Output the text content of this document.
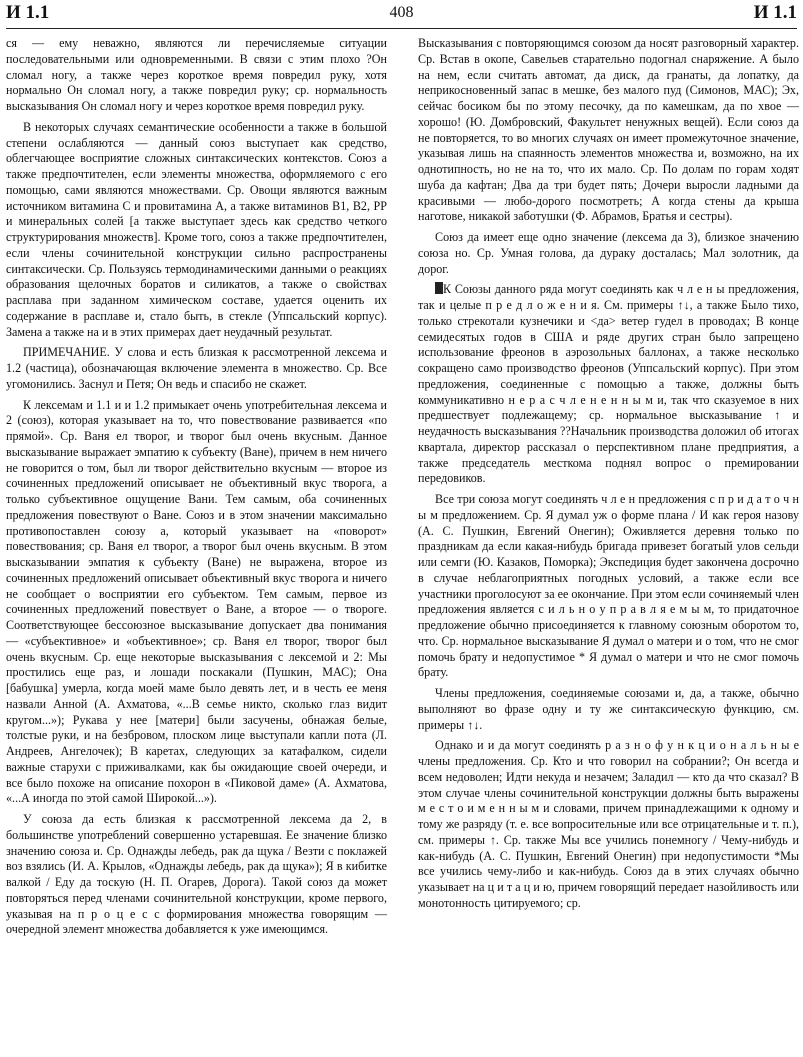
И 1.1	408	И 1.1

ся — ему неважно, являются ли перечисляемые ситуации последовательными или одновременными. В связи с этим плохо ?Он сломал ногу, а также через короткое время повредил руку, хотя нормально Он сломал ногу, а также повредил руку; ср. нормальность высказывания Он сломал ногу и через короткое время повредил руку.

В некоторых случаях семантические особенности а также в большой степени ослабляются — данный союз выступает как средство, облегчающее восприятие сложных синтаксических контекстов. Союз а также предпочтителен, если элементы множества, оформляемого с его помощью, сами являются множествами. Ср. Овощи являются важным источником витамина С и провитамина А, а также витаминов В1, В2, РР и минеральных солей [а также выступает здесь как средство четкого структурирования множеств]. Кроме того, союз а также предпочтителен, если члены сочинительной конструкции сильно распространены синтаксически. Ср. Пользуясь термодинамическими данными о реакциях образования щелочных боратов и силикатов, а также о свойствах расплава при заданном химическом составе, удается оценить их содержание в расплаве и, стало быть, в стекле (Уппсальский корпус). Замена а также на и в этих примерах дает неудачный результат.

ПРИМЕЧАНИЕ. У слова и есть близкая к рассмотренной лексема и 1.2 (частица), обозначающая включение элемента в множество. Ср. Все угомонились. Заснул и Петя; Он ведь и спасибо не скажет.

К лексемам и 1.1 и и 1.2 примыкает очень употребительная лексема и 2 (союз), которая указывает на то, что повествование развивается «по прямой». Ср. Ваня ел творог, и творог был очень вкусным. Данное высказывание выражает эмпатию к субъекту (Ване), причем в нем ничего не говорится о том, был ли творог действительно вкусным — второе из сочиненных предложений описывает не объективный вкус творога, а только субъективное ощущение Вани. Тем самым, оба сочиненных предложения повествуют о Ване. Союз и в этом значении максимально противопоставлен союзу а, который указывает на «поворот» повествования; ср. Ваня ел творог, а творог был очень вкусным. В этом высказывании эмпатия к субъекту (Ване) не выражена, второе из сочиненных предложений описывает объективный вкус творога и ничего не сообщает о восприятии его субъектом. Тем самым, первое из сочиненных предложений повествует о Ване, а второе — о твороге. Соответствующее бессоюзное высказывание допускает два понимания — «субъективное» и «объективное»; ср. Ваня ел творог, творог был очень вкусным. Ср. еще некоторые высказывания с лексемой и 2: Мы простились еще раз, и лошади поскакали (Пушкин, МАС); Она [бабушка] умерла, когда моей маме было девять лет, и в честь ее меня назвали Анной (А. Ахматова, «...В семье никто, сколько глаз видит кругом...»); Рукава у нее [матери] были засучены, обнажая белые, толстые руки, и на безбровом, плоском лице выступали капли пота (Л. Андреев, Ангелочек); В каретах, следующих за катафалком, сидели важные старухи с приживалками, как бы ожидающие своей очереди, и все было похоже на описание похорон в «Пиковой даме» (А. Ахматова, «...А иногда по этой самой Широкой...»).

У союза да есть близкая к рассмотренной лексема да 2, в большинстве употреблений совершенно устаревшая. Ее значение близко значению союза и. Ср. Однажды лебедь, рак да щука / Везти с поклажей воз взялись (И. А. Крылов, «Однажды лебедь, рак да щука»); Я в кибитке валкой / Еду да тоскую (Н. П. Огарев, Дорога). Такой союз да может повторяться перед членами сочинительной конструкции, кроме первого, указывая на п р о ц е с с формирования множества говорящим — очередной элемент множества добавляется к уже имеющимся.

Высказывания с повторяющимся союзом да носят разговорный характер. Ср. Встав в окопе, Савельев старательно подогнал снаряжение. А было на нем, если считать автомат, да диск, да гранаты, да лопатку, да неприкосновенный запас в мешке, без малого пуд (Симонов, МАС); Эх, сейчас босиком бы по этому песочку, да по камешкам, да по хвое — хорошо! (Ю. Домбровский, Факультет ненужных вещей). Если союз да не повторяется, то во многих случаях он имеет промежуточное значение, указывая лишь на спаянность элементов множества и, возможно, на их однотипность, но не на то, что их мало. Ср. По долам по горам ходят шуба да кафтан; Два да три будет пять; Дочери выросли ладными да красивыми — любо-дорого посмотреть; А когда стены да крыша наготове, никакой заботушки (Ф. Абрамов, Братья и сестры).

Союз да имеет еще одно значение (лексема да 3), близкое значению союза но. Ср. Умная голова, да дураку досталась; Мал золотник, да дорог.

К Союзы данного ряда могут соединять как ч л е н ы предложения, так и целые п р е д л о ж е н и я. См. примеры ↑↓, а также Было тихо, только стрекотали кузнечики и <да> ветер гудел в проводах; В конце семидесятых годов в США и ряде других стран было запрещено использование фреонов в аэрозольных баллонах, а также несколько сокращено само производство фреонов (Уппсальский корпус). При этом предложения, соединенные с помощью а также, должны быть коммуникативно н е р а с ч л е н е н н ы м и, так что сказуемое в них предшествует подлежащему; ср. нормальное высказывание ↑ и неудачность высказывания ??Начальник производства доложил об итогах квартала, директор рассказал о перспективном плане предприятия, а также председатель месткома поднял вопрос о премировании передовиков.

Все три союза могут соединять ч л е н предложения с п р и д а т о ч н ы м предложением. Ср. Я думал уж о форме плана / И как героя назову (А. С. Пушкин, Евгений Онегин); Оживляется деревня только по праздникам да если какая-нибудь бригада привезет богатый улов сельди или семги (Ю. Казаков, Поморка); Экспедиция будет закончена досрочно в случае неблагоприятных погодных условий, а также если все участники проголосуют за ее окончание. При этом если сочиняемый член предложения является с и л ь н о у п р а в л я е м ы м, то придаточное предложение обычно присоединяется к главному союзным оборотом то, что. Ср. нормальное высказывание Я думал о матери и о том, что не смог помочь брату и недопустимое * Я думал о матери и что не смог помочь брату.

Члены предложения, соединяемые союзами и, да, а также, обычно выполняют во фразе одну и ту же синтаксическую функцию, см. примеры ↑↓.

Однако и и да могут соединять р а з н о ф у н к ц и о н а л ь н ы е члены предложения. Ср. Кто и что говорил на собрании?; Он всегда и всем недоволен; Идти некуда и незачем; Заладил — кто да что сказал? В этом случае члены сочинительной конструкции должны быть выражены м е с т о и м е н н ы м и словами, причем принадлежащими к одному и тому же разряду (т. е. все вопросительные или все отрицательные и т. п.), см. примеры ↑. Ср. также Мы все учились понемногу / Чему-нибудь и как-нибудь (А. С. Пушкин, Евгений Онегин) при недопустимости *Мы все учились чему-либо и как-нибудь. Союз да в этих случаях обычно указывает на ц и т а ц и ю, причем говорящий передает назойливость или монотонность цитируемого; ср.
